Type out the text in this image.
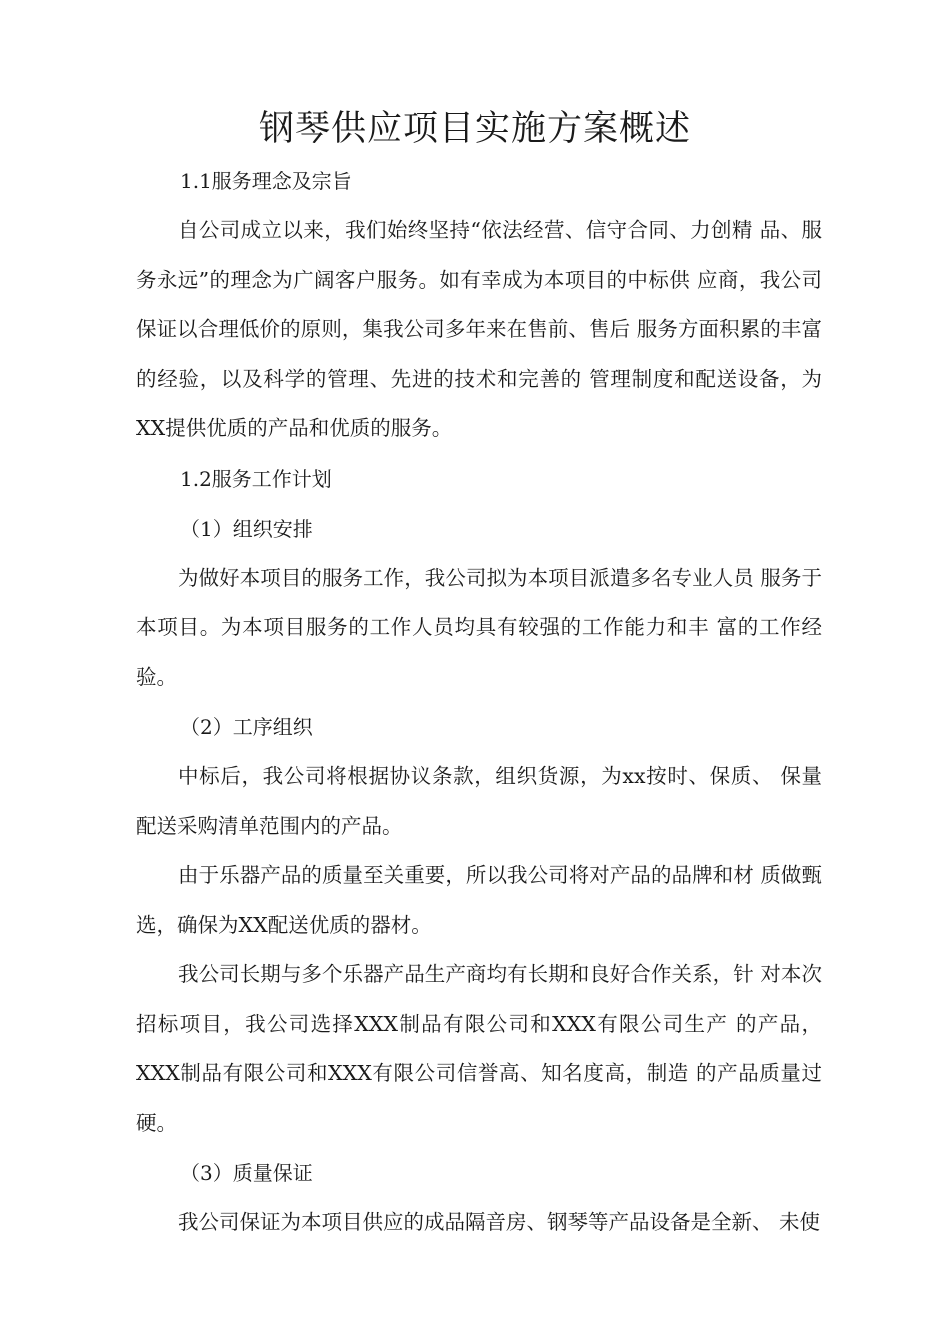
钢琴供应项目实施方案概述

1.1服务理念及宗旨

自公司成立以来，我们始终坚持“依法经营、信守合同、力创精 品、服务永远”的理念为广阔客户服务。如有幸成为本项目的中标供 应商，我公司保证以合理低价的原则，集我公司多年来在售前、售后 服务方面积累的丰富的经验，以及科学的管理、先进的技术和完善的 管理制度和配送设备，为XX提供优质的产品和优质的服务。

1.2服务工作计划

（1）组织安排

为做好本项目的服务工作，我公司拟为本项目派遣多名专业人员 服务于本项目。为本项目服务的工作人员均具有较强的工作能力和丰 富的工作经验。

（2）工序组织

中标后，我公司将根据协议条款，组织货源，为xx按时、保质、 保量配送采购清单范围内的产品。

由于乐器产品的质量至关重要，所以我公司将对产品的品牌和材 质做甄选，确保为XX配送优质的器材。

我公司长期与多个乐器产品生产商均有长期和良好合作关系，针 对本次招标项目，我公司选择XXX制品有限公司和XXX有限公司生产 的产品，XXX制品有限公司和XXX有限公司信誉高、知名度高，制造 的产品质量过硬。

（3）质量保证

我公司保证为本项目供应的成品隔音房、钢琴等产品设备是全新、 未使
